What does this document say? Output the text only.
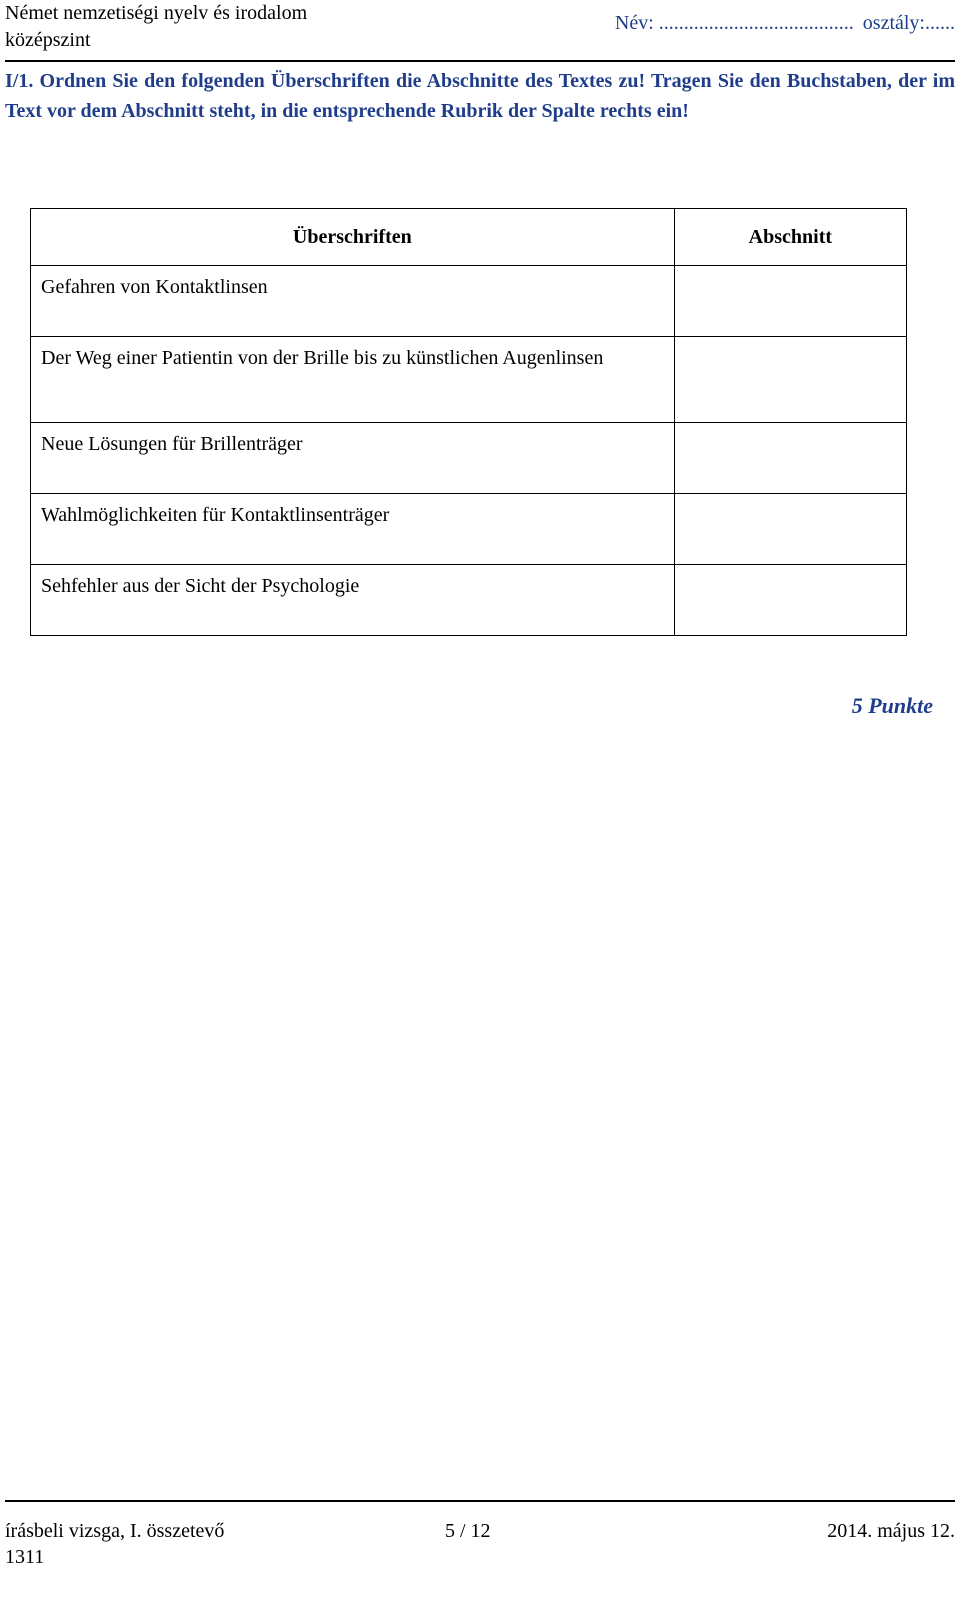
Német nemzetiségi nyelv és irodalom
középszint
Név: ....................................... osztály:......
I/1. Ordnen Sie den folgenden Überschriften die Abschnitte des Textes zu! Tragen Sie den Buchstaben, der im Text vor dem Abschnitt steht, in die entsprechende Rubrik der Spalte rechts ein!
Überschriften	Abschnitt
Gefahren von Kontaktlinsen	
Der Weg einer Patientin von der Brille bis zu künstlichen Augenlinsen	
Neue Lösungen für Brillenträger	
Wahlmöglichkeiten für Kontaktlinsenträger	
Sehfehler aus der Sicht der Psychologie	
5 Punkte
írásbeli vizsga, I. összetevő	5 / 12	2014. május 12.
1311
